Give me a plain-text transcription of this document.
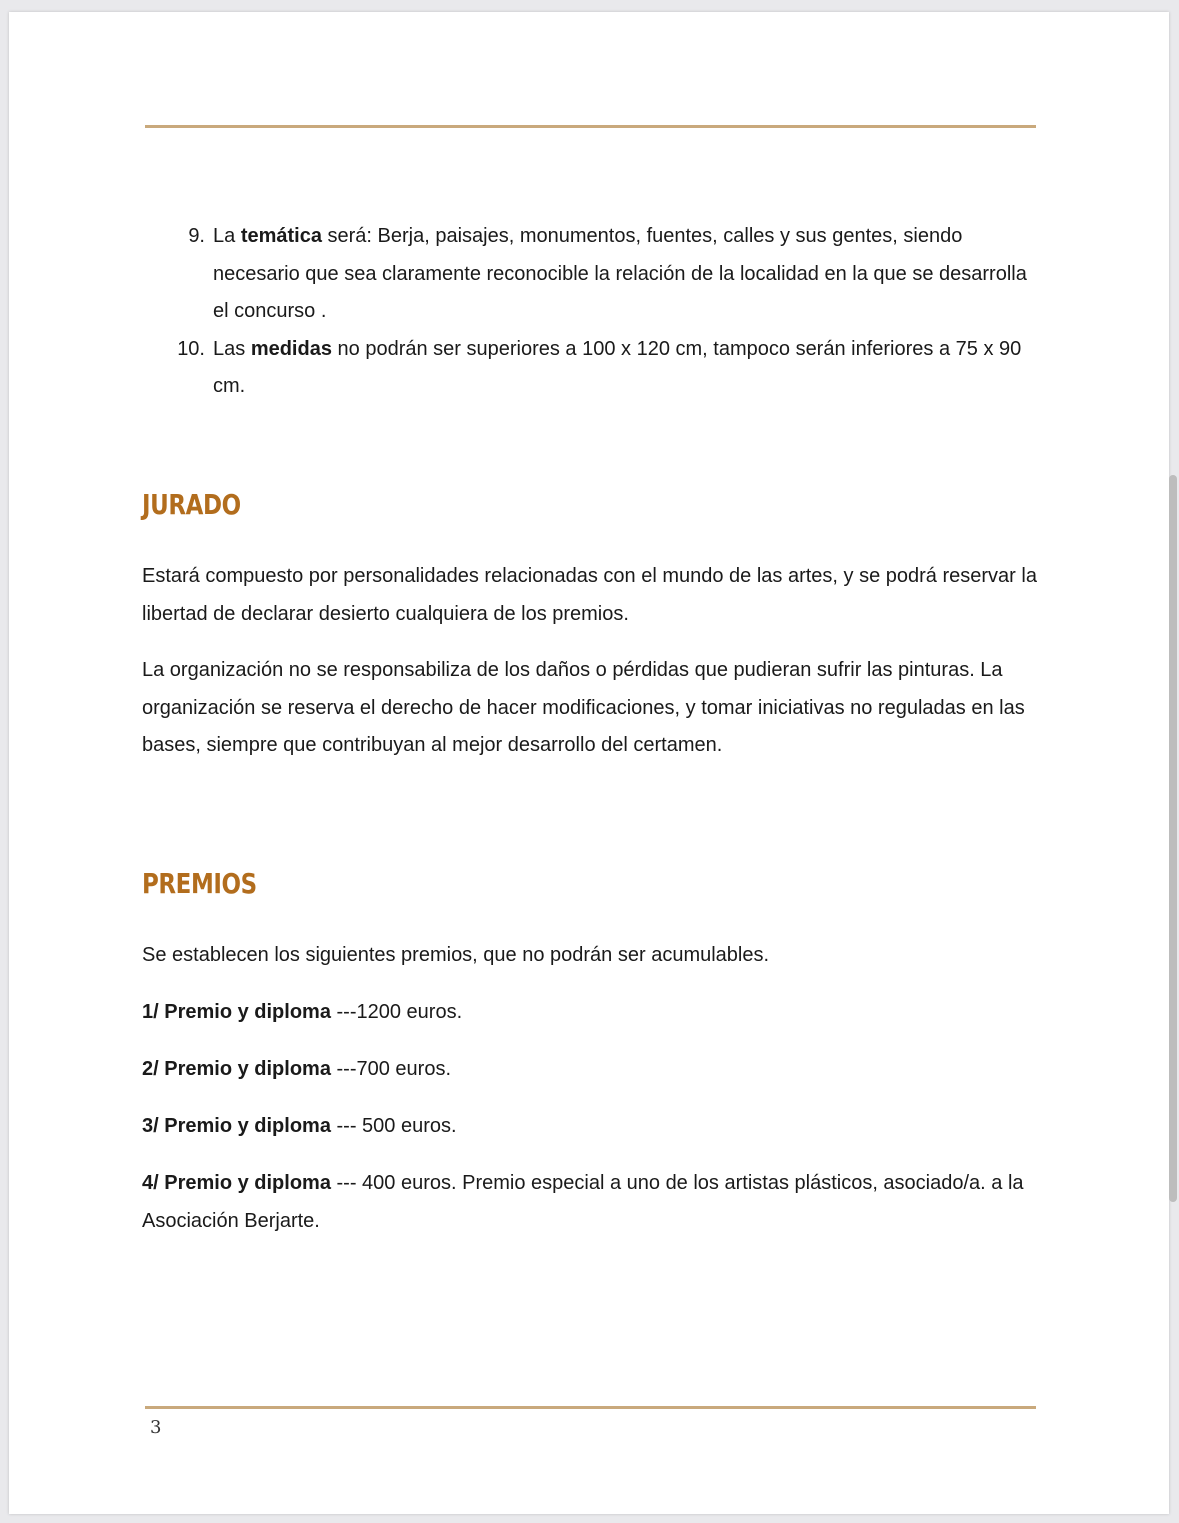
9. La temática será: Berja, paisajes, monumentos, fuentes, calles y sus gentes, siendo necesario que sea claramente reconocible la relación de la localidad en la que se desarrolla el concurso .
10. Las medidas no podrán ser superiores a 100 x 120 cm, tampoco serán inferiores a 75 x 90 cm.
JURADO
Estará compuesto por personalidades relacionadas con el mundo de las artes, y se podrá reservar la libertad de declarar desierto cualquiera de los premios.
La organización no se responsabiliza de los daños o pérdidas que pudieran sufrir las pinturas. La organización se reserva el derecho de hacer modificaciones, y tomar iniciativas no reguladas en las bases, siempre que contribuyan al mejor desarrollo del certamen.
PREMIOS
Se establecen los siguientes premios, que no podrán ser acumulables.
1/ Premio y diploma ---1200 euros.
2/ Premio y diploma ---700 euros.
3/ Premio y diploma --- 500 euros.
4/ Premio y diploma --- 400 euros. Premio especial a uno de los artistas plásticos, asociado/a. a la Asociación Berjarte.
3
